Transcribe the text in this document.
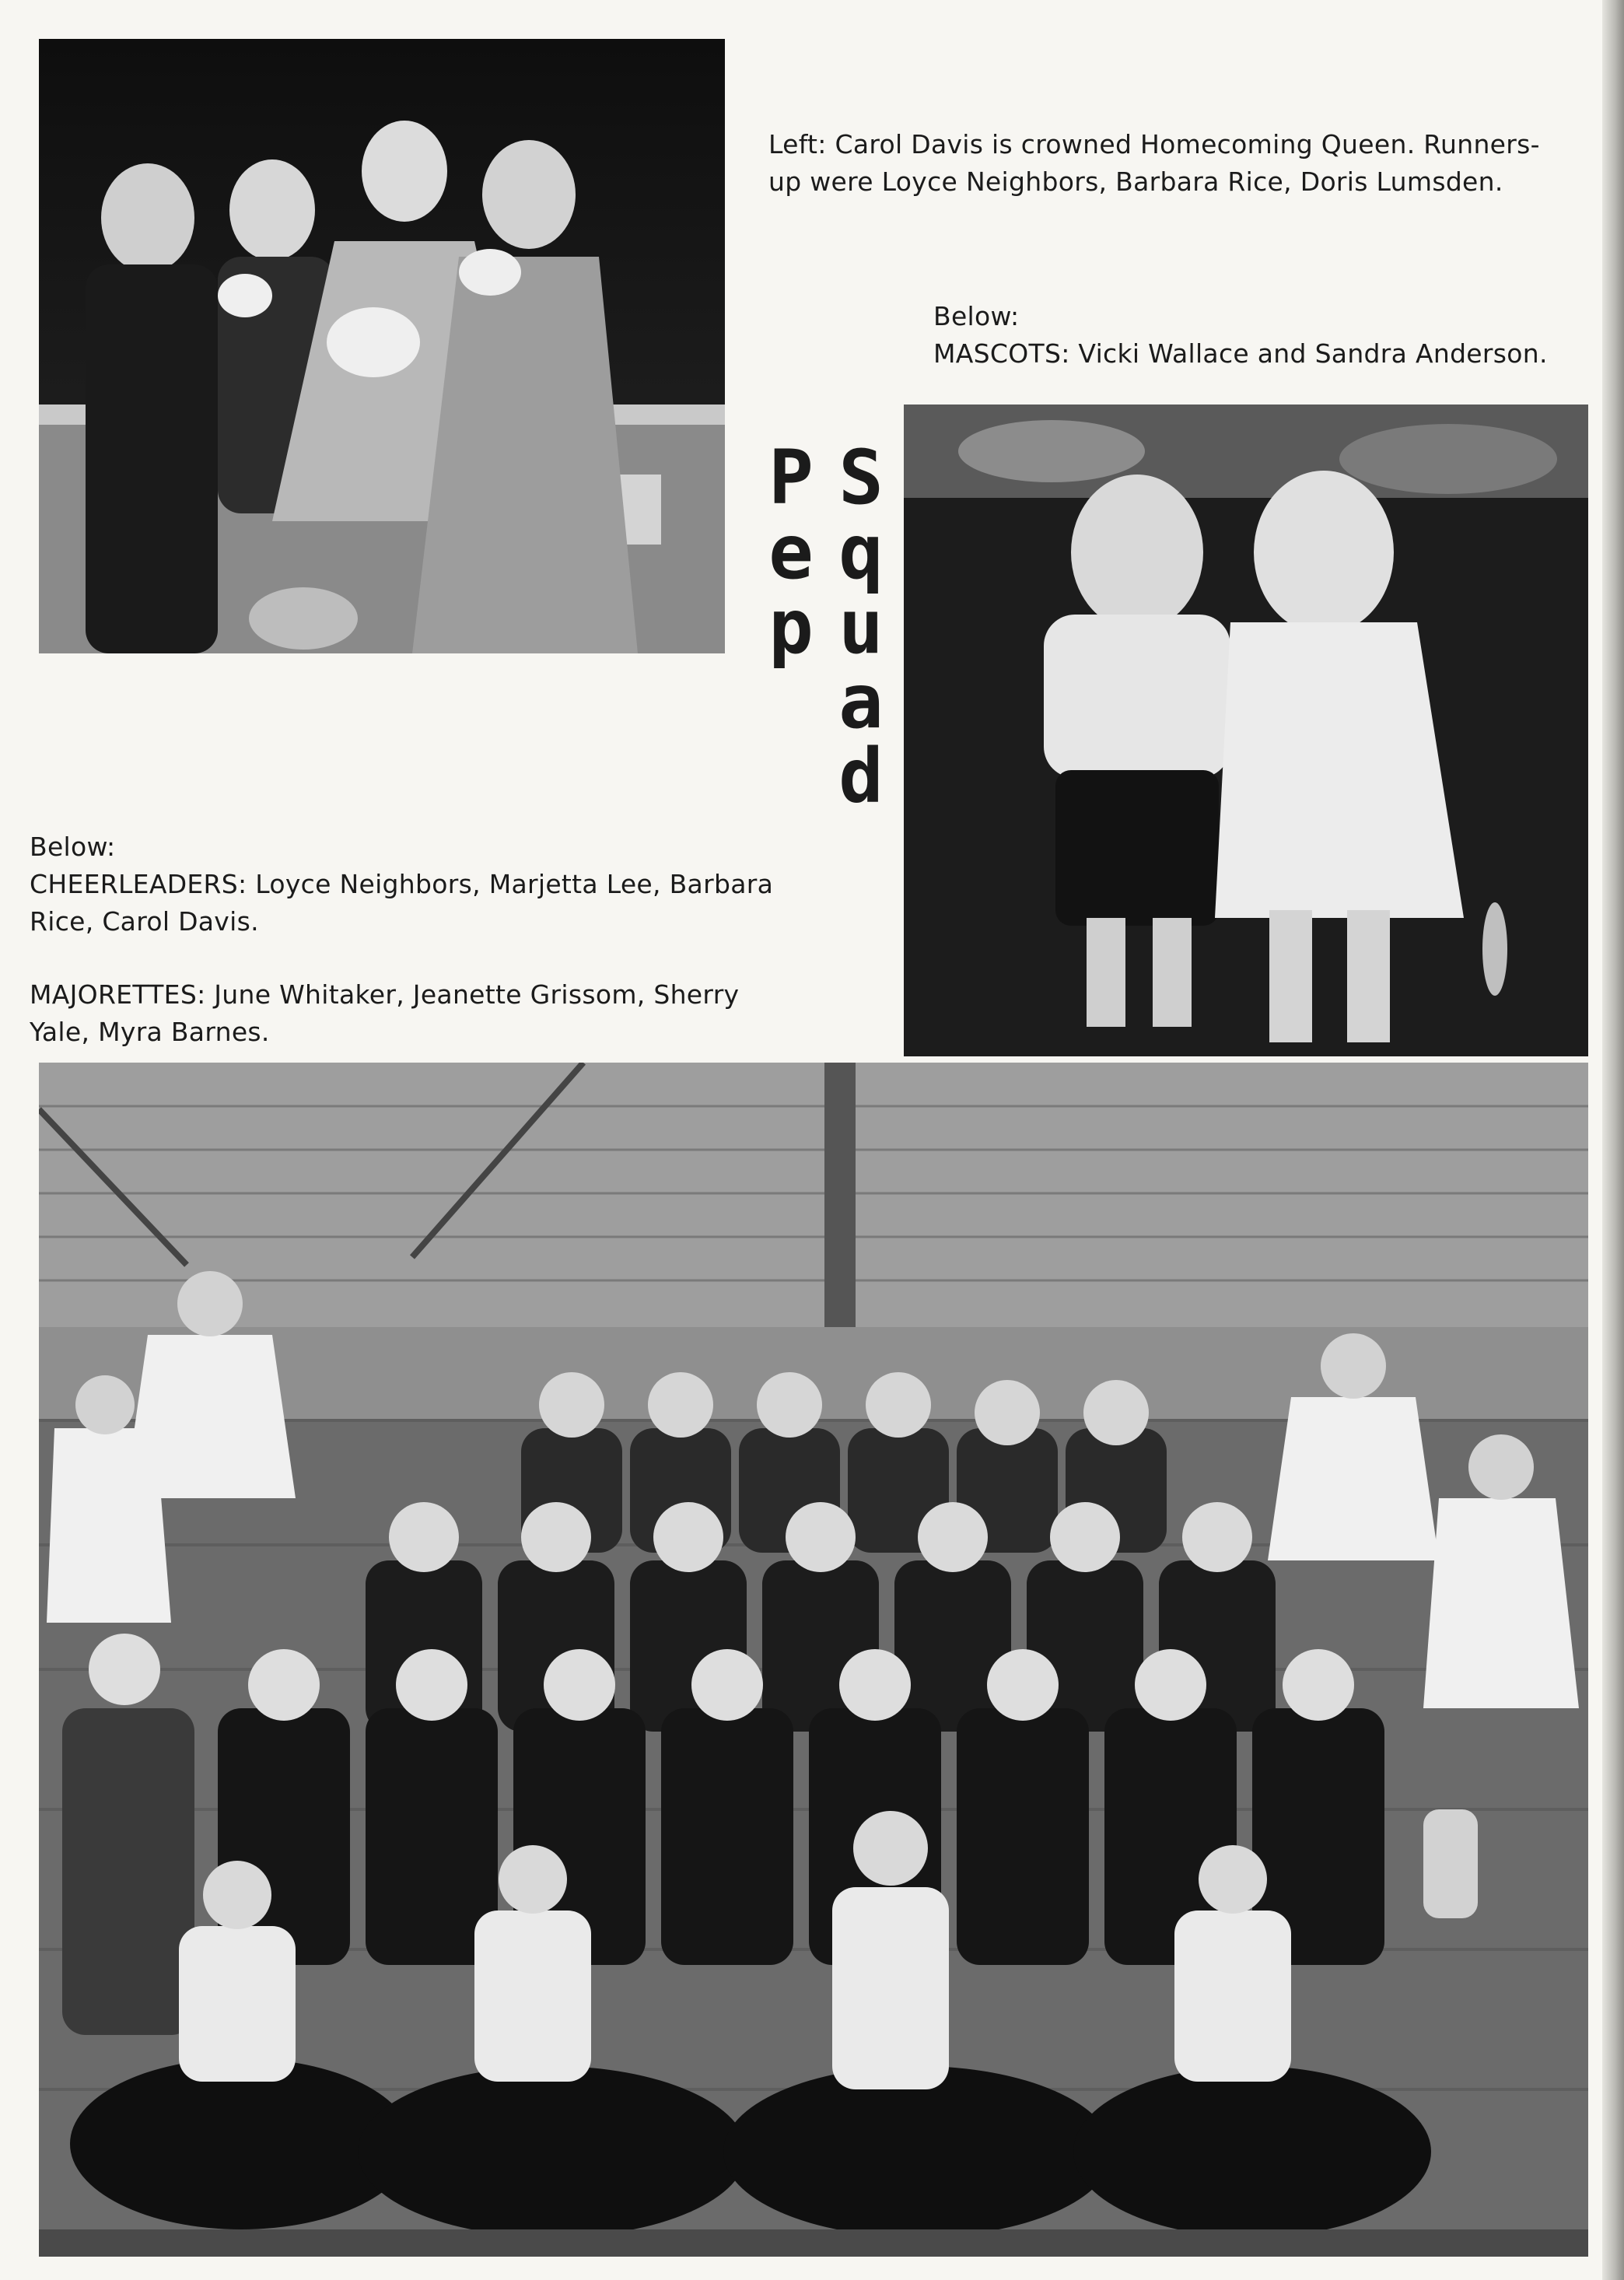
Left: Carol Davis is crowned Homecoming Queen. Runners-
up were Loyce Neighbors, Barbara Rice, Doris Lumsden.
Below:
MASCOTS: Vicki Wallace and Sandra Anderson.
P
e
p
S
q
u
a
d
Below:
CHEERLEADERS: Loyce Neighbors, Marjetta Lee, Barbara
Rice, Carol Davis.
MAJORETTES: June Whitaker, Jeanette Grissom, Sherry
Yale, Myra Barnes.
